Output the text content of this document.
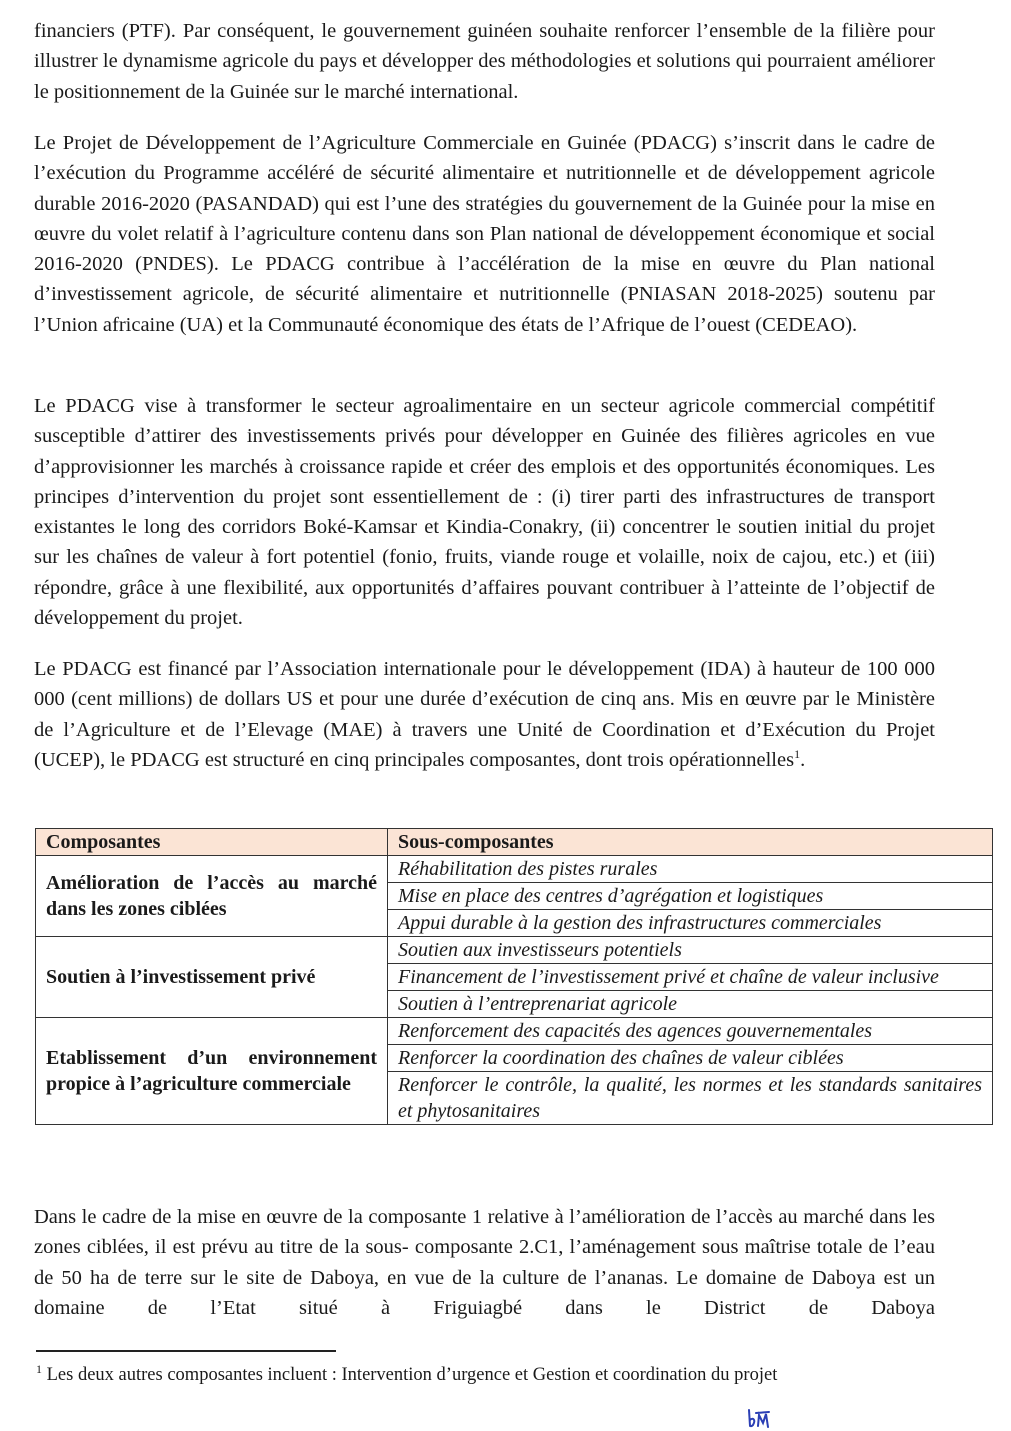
financiers (PTF). Par conséquent, le gouvernement guinéen souhaite renforcer l’ensemble de la filière pour illustrer le dynamisme agricole du pays et développer des méthodologies et solutions qui pourraient améliorer le positionnement de la Guinée sur le marché international.

Le Projet de Développement de l’Agriculture Commerciale en Guinée (PDACG) s’inscrit dans le cadre de l’exécution du Programme accéléré de sécurité alimentaire et nutritionnelle et de développement agricole durable 2016-2020 (PASANDAD) qui est l’une des stratégies du gouvernement de la Guinée pour la mise en œuvre du volet relatif à l’agriculture contenu dans son Plan national de développement économique et social 2016-2020 (PNDES). Le PDACG contribue à l’accélération de la mise en œuvre du Plan national d’investissement agricole, de sécurité alimentaire et nutritionnelle (PNIASAN 2018-2025) soutenu par l’Union africaine (UA) et la Communauté économique des états de l’Afrique de l’ouest (CEDEAO).

Le PDACG vise à transformer le secteur agroalimentaire en un secteur agricole commercial compétitif susceptible d’attirer des investissements privés pour développer en Guinée des filières agricoles en vue d’approvisionner les marchés à croissance rapide et créer des emplois et des opportunités économiques. Les principes d’intervention du projet sont essentiellement de : (i) tirer parti des infrastructures de transport existantes le long des corridors Boké-Kamsar et Kindia-Conakry, (ii) concentrer le soutien initial du projet sur les chaînes de valeur à fort potentiel (fonio, fruits, viande rouge et volaille, noix de cajou, etc.) et (iii) répondre, grâce à une flexibilité, aux opportunités d’affaires pouvant contribuer à l’atteinte de l’objectif de développement du projet.

Le PDACG est financé par l’Association internationale pour le développement (IDA) à hauteur de 100 000 000 (cent millions) de dollars US et pour une durée d’exécution de cinq ans. Mis en œuvre par le Ministère de l’Agriculture et de l’Elevage (MAE) à travers une Unité de Coordination et d’Exécution du Projet (UCEP), le PDACG est structuré en cinq principales composantes, dont trois opérationnelles$^1$.

Composantes	Sous-composantes
Amélioration de l’accès au marché dans les zones ciblées	Réhabilitation des pistes rurales
	Mise en place des centres d’agrégation et logistiques
	Appui durable à la gestion des infrastructures commerciales
Soutien à l’investissement privé	Soutien aux investisseurs potentiels
	Financement de l’investissement privé et chaîne de valeur inclusive
	Soutien à l’entreprenariat agricole
Etablissement d’un environnement propice à l’agriculture commerciale	Renforcement des capacités des agences gouvernementales
	Renforcer la coordination des chaînes de valeur ciblées
	Renforcer le contrôle, la qualité, les normes et les standards sanitaires et phytosanitaires

Dans le cadre de la mise en œuvre de la composante 1 relative à l’amélioration de l’accès au marché dans les zones ciblées, il est prévu au titre de la sous- composante 2.C1, l’aménagement sous maîtrise totale de l’eau de 50 ha de terre sur le site de Daboya, en vue de la culture de l’ananas. Le domaine de Daboya est un domaine de l’Etat situé à Friguiagbé dans le District de Daboya

$^1$ Les deux autres composantes incluent : Intervention d’urgence et Gestion et coordination du projet
